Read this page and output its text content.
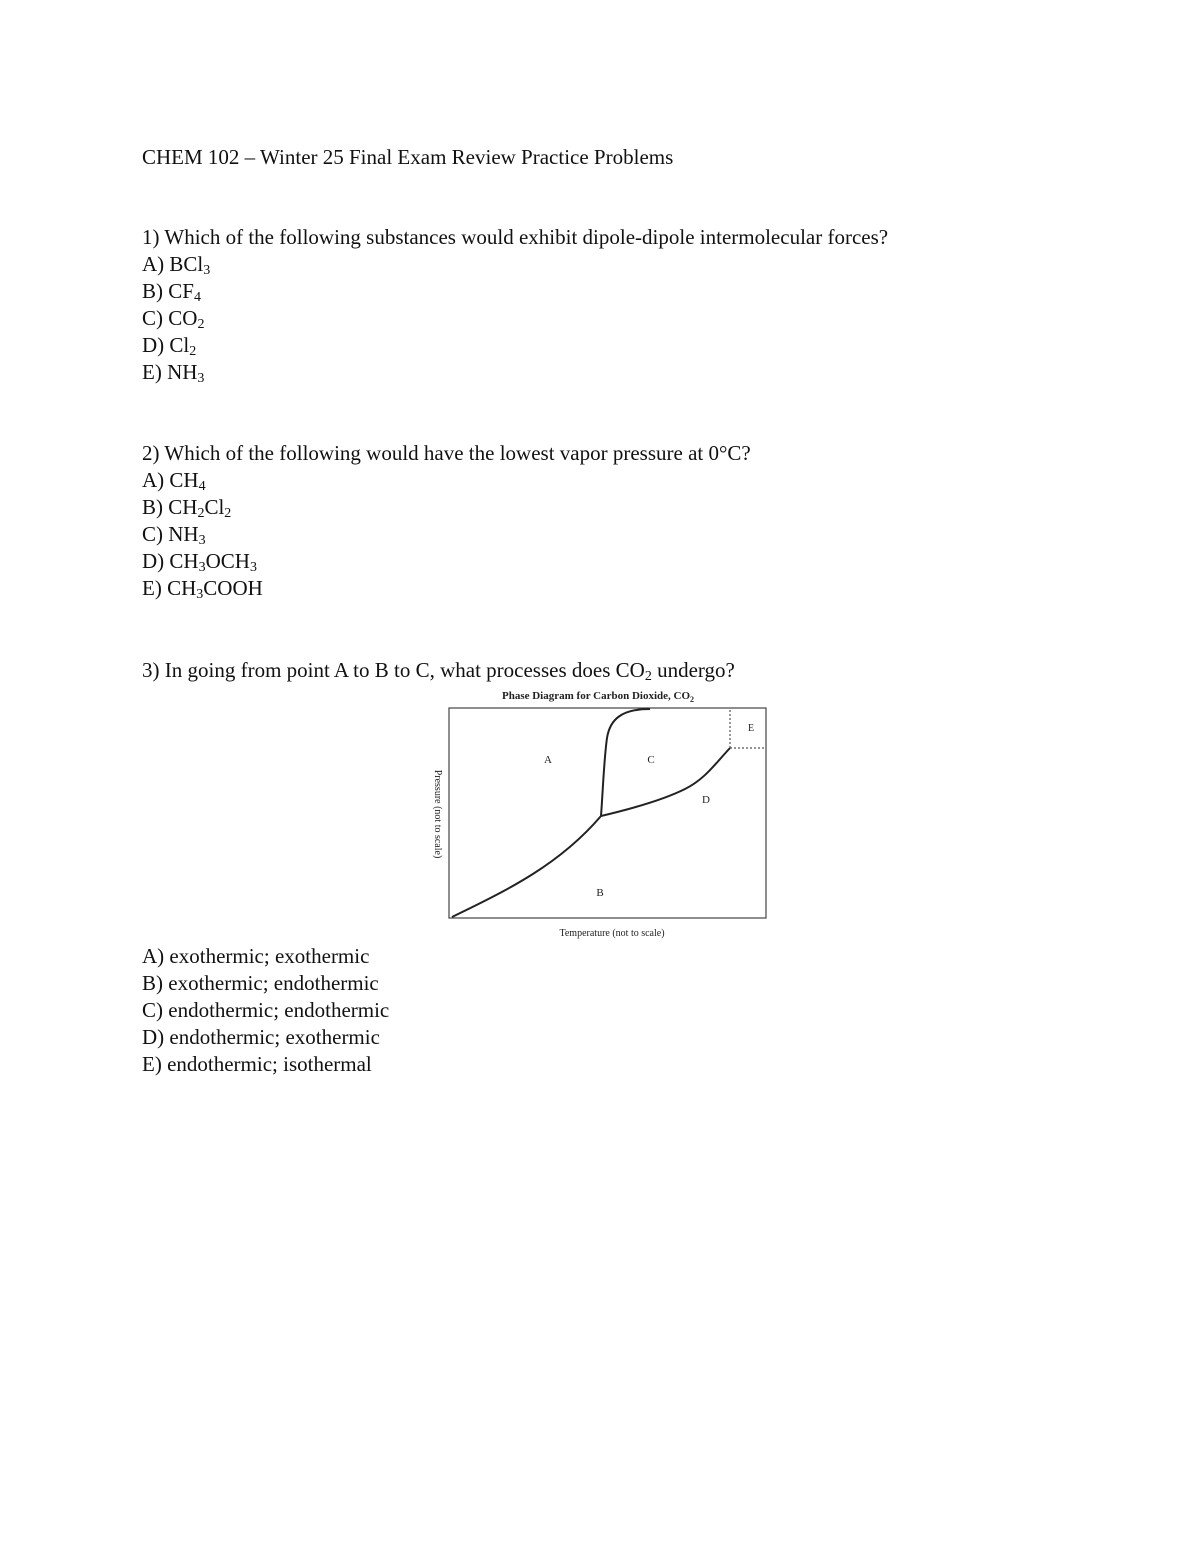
CHEM 102 – Winter 25 Final Exam Review Practice Problems
1) Which of the following substances would exhibit dipole-dipole intermolecular forces?
A) BCl$_3$
B) $CF_4$
C) $CO_2$
D) $Cl_2$
E) $NH_3$
2) Which of the following would have the lowest vapor pressure at 0°C?
A) $CH_4$
B) $CH_2Cl_2$
C) $NH_3$
D) $CH_3OCH_3$
E) $CH_3COOH$
3) In going from point A to B to C, what processes does $CO_2$ undergo?
Phase Diagram for Carbon Dioxide, $CO_2$
A
B
C
D
E
Pressure (not to scale)
Temperature (not to scale)
A) exothermic; exothermic
B) exothermic; endothermic
C) endothermic; endothermic
D) endothermic; exothermic
E) endothermic; isothermal
